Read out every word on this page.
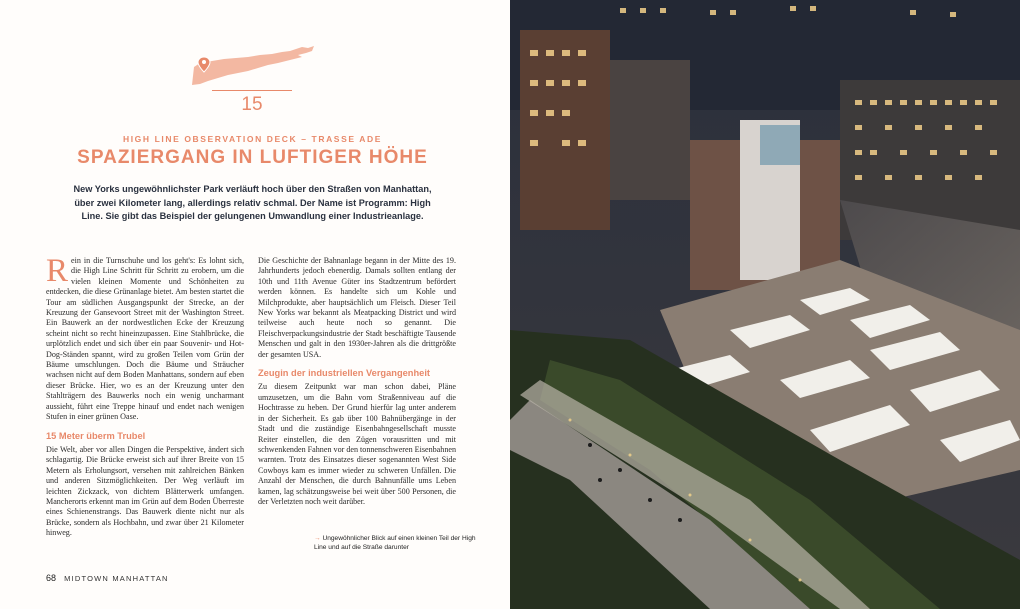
15
HIGH LINE OBSERVATION DECK – TRASSE ADE
SPAZIERGANG IN LUFTIGER HÖHE
New Yorks ungewöhnlichster Park verläuft hoch über den Straßen von Manhattan, über zwei Kilometer lang, allerdings relativ schmal. Der Name ist Programm: High Line. Sie gibt das Beispiel der gelungenen Umwandlung einer Industrieanlage.

Rein in die Turnschuhe und los geht's: Es lohnt sich, die High Line Schritt für Schritt zu erobern, um die vielen kleinen Momente und Schönheiten zu entdecken, die diese Grünanlage bietet. Am besten startet die Tour am südlichen Ausgangspunkt der Strecke, an der Kreuzung der Gansevoort Street mit der Washington Street. Ein Bauwerk an der nordwestlichen Ecke der Kreuzung scheint nicht so recht hineinzupassen. Eine Stahlbrücke, die urplötzlich endet und sich über ein paar Souvenir- und Hot-Dog-Ständen spannt, wird zu großen Teilen vom Grün der Bäume umschlungen. Doch die Bäume und Sträucher wachsen nicht auf dem Boden Manhattans, sondern auf eben dieser Brücke. Hier, wo es an der Kreuzung unter den Stahlträgern des Bauwerks noch ein wenig uncharmant aussieht, führt eine Treppe hinauf und endet nach wenigen Stufen in einer grünen Oase.

15 Meter überm Trubel

Die Welt, aber vor allen Dingen die Perspektive, ändert sich schlagartig. Die Brücke erweist sich auf ihrer Breite von 15 Metern als Erholungsort, versehen mit zahlreichen Bänken und anderen Sitzmöglichkeiten. Der Weg verläuft im leichten Zickzack, von dichtem Blätterwerk umfangen. Mancherorts erkennt man im Grün auf dem Boden Überreste eines Schienenstrangs. Das Bauwerk diente nicht nur als Brücke, sondern als Hochbahn, und zwar über 21 Kilometer hinweg.

Die Geschichte der Bahnanlage begann in der Mitte des 19. Jahrhunderts jedoch ebenerdig. Damals sollten entlang der 10th und 11th Avenue Güter ins Stadtzentrum befördert werden können. Es handelte sich um Kohle und Milchprodukte, aber hauptsächlich um Fleisch. Dieser Teil New Yorks war bekannt als Meatpacking District und wird teilweise auch heute noch so genannt. Die Fleischverpackungsindustrie der Stadt beschäftigte Tausende Menschen und galt in den 1930er-Jahren als die drittgrößte der gesamten USA.

Zeugin der industriellen Vergangenheit

Zu diesem Zeitpunkt war man schon dabei, Pläne umzusetzen, um die Bahn vom Straßenniveau auf die Hochtrasse zu heben. Der Grund hierfür lag unter anderem in der Sicherheit. Es gab über 100 Bahnübergänge in der Stadt und die zuständige Eisenbahngesellschaft musste Reiter einstellen, die den Zügen vorausritten und mit schwenkenden Fahnen vor den tonnenschweren Eisenbahnen warnten. Trotz des Einsatzes dieser sogenannten West Side Cowboys kam es immer wieder zu schweren Unfällen. Die Anzahl der Menschen, die durch Bahnunfälle ums Leben kamen, lag schätzungsweise bei weit über 500 Personen, die der Verletzten noch weit darüber.

→ Ungewöhnlicher Blick auf einen kleinen Teil der High Line und auf die Straße darunter
68 MIDTOWN MANHATTAN
